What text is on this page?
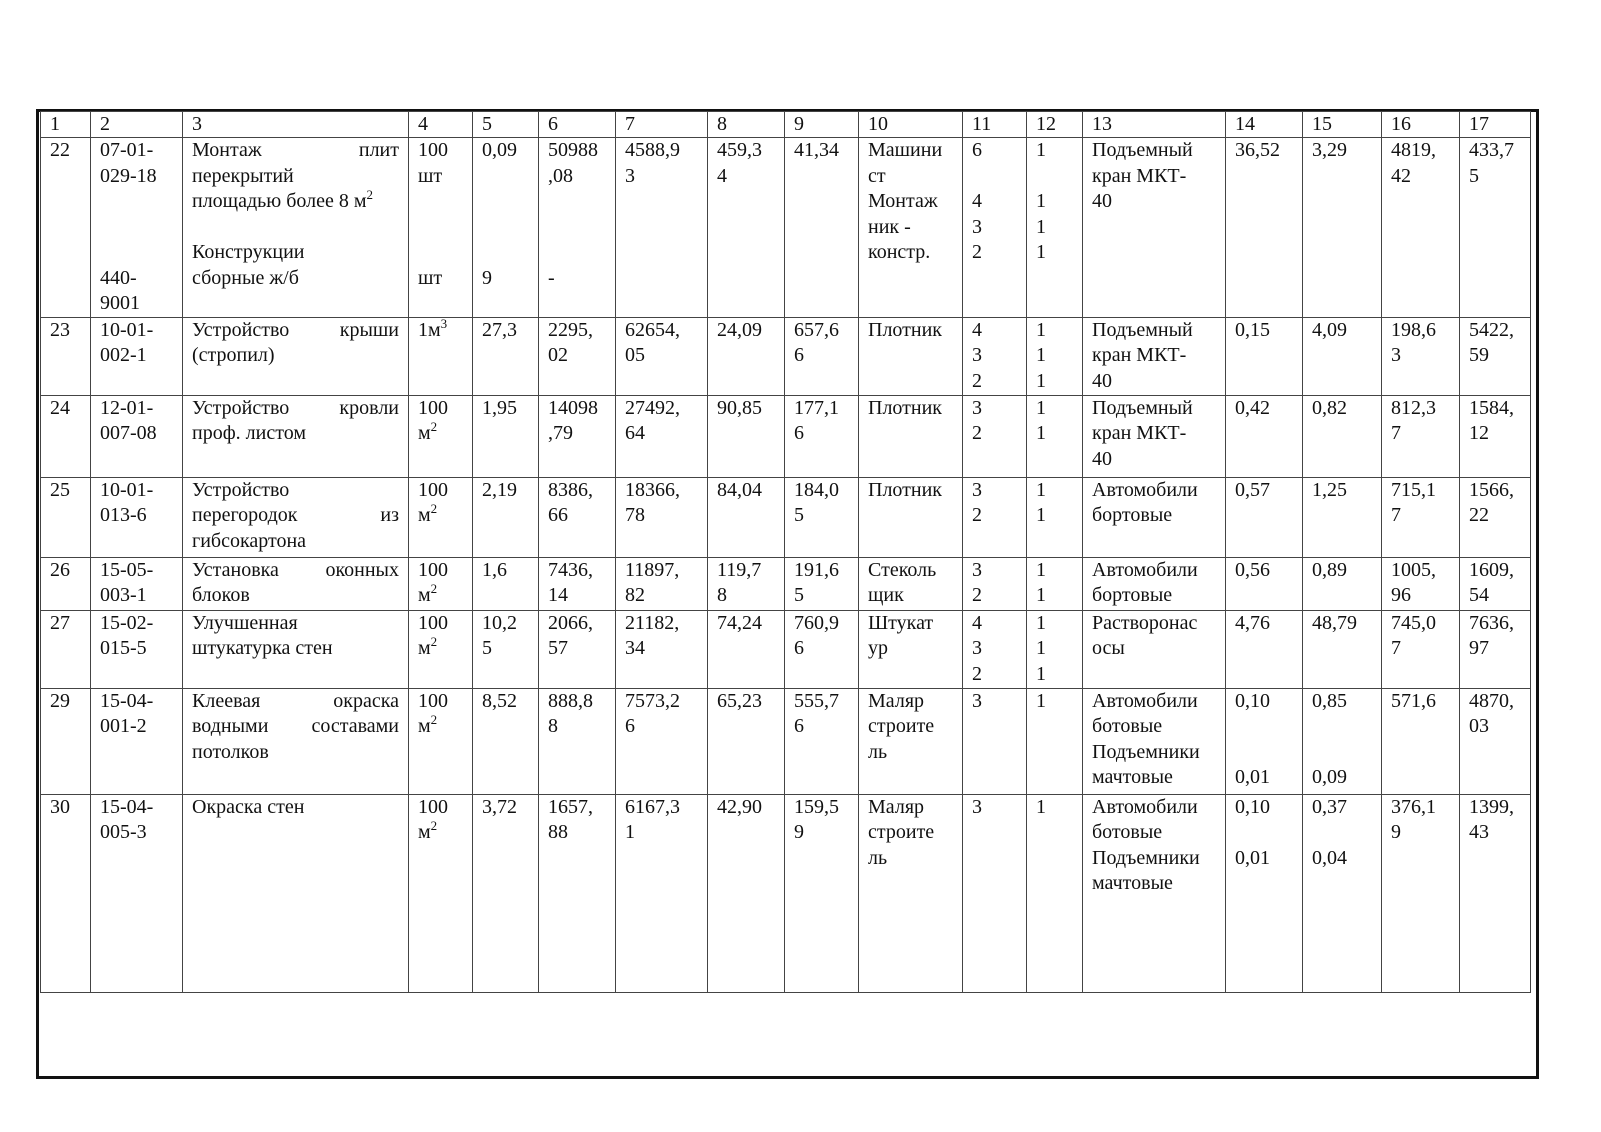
1	2	3	4	5	6	7	8	9	10	11	12	13	14	15	16	17
22	07-01-
029-18

440-
9001	Монтаж плит
перекрытий
площадью более 8 $м^2$

Конструкции
сборные ж/б	100
шт

шт	0,09

9	50988
,08

-	4588,9
3	459,3
4	41,34	Машини
ст
Монтаж
ник -
констр.	6

4
3
2	1

1
1
1	Подъемный
кран МКТ-
40	36,52	3,29	4819,
42	433,7
5
23	10-01-
002-1	Устройство крыши
(стропил)	$1м^3$	27,3	2295,
02	62654,
05	24,09	657,6
6	Плотник	4
3
2	1
1
1	Подъемный
кран МКТ-
40	0,15	4,09	198,6
3	5422,
59
24	12-01-
007-08	Устройство кровли
проф. листом	100
$м^2$	1,95	14098
,79	27492,
64	90,85	177,1
6	Плотник	3
2	1
1	Подъемный
кран МКТ-
40	0,42	0,82	812,3
7	1584,
12
25	10-01-
013-6	Устройство
перегородок из
гибсокартона	100
$м^2$	2,19	8386,
66	18366,
78	84,04	184,0
5	Плотник	3
2	1
1	Автомобили
бортовые	0,57	1,25	715,1
7	1566,
22
26	15-05-
003-1	Установка оконных
блоков	100
$м^2$	1,6	7436,
14	11897,
82	119,7
8	191,6
5	Стеколь
щик	3
2	1
1	Автомобили
бортовые	0,56	0,89	1005,
96	1609,
54
27	15-02-
015-5	Улучшенная
штукатурка стен	100
$м^2$	10,2
5	2066,
57	21182,
34	74,24	760,9
6	Штукат
ур	4
3
2	1
1
1	Растворонас
осы	4,76	48,79	745,0
7	7636,
97
29	15-04-
001-2	Клеевая окраска
водными составами
потолков	100
$м^2$	8,52	888,8
8	7573,2
6	65,23	555,7
6	Маляр
строите
ль	3	1	Автомобили
ботовые
Подъемники
мачтовые	0,10

0,01	0,85

0,09	571,6	4870,
03
30	15-04-
005-3	Окраска стен	100
$м^2$	3,72	1657,
88	6167,3
1	42,90	159,5
9	Маляр
строите
ль	3	1	Автомобили
ботовые
Подъемники
мачтовые	0,10

0,01	0,37

0,04	376,1
9	1399,
43
